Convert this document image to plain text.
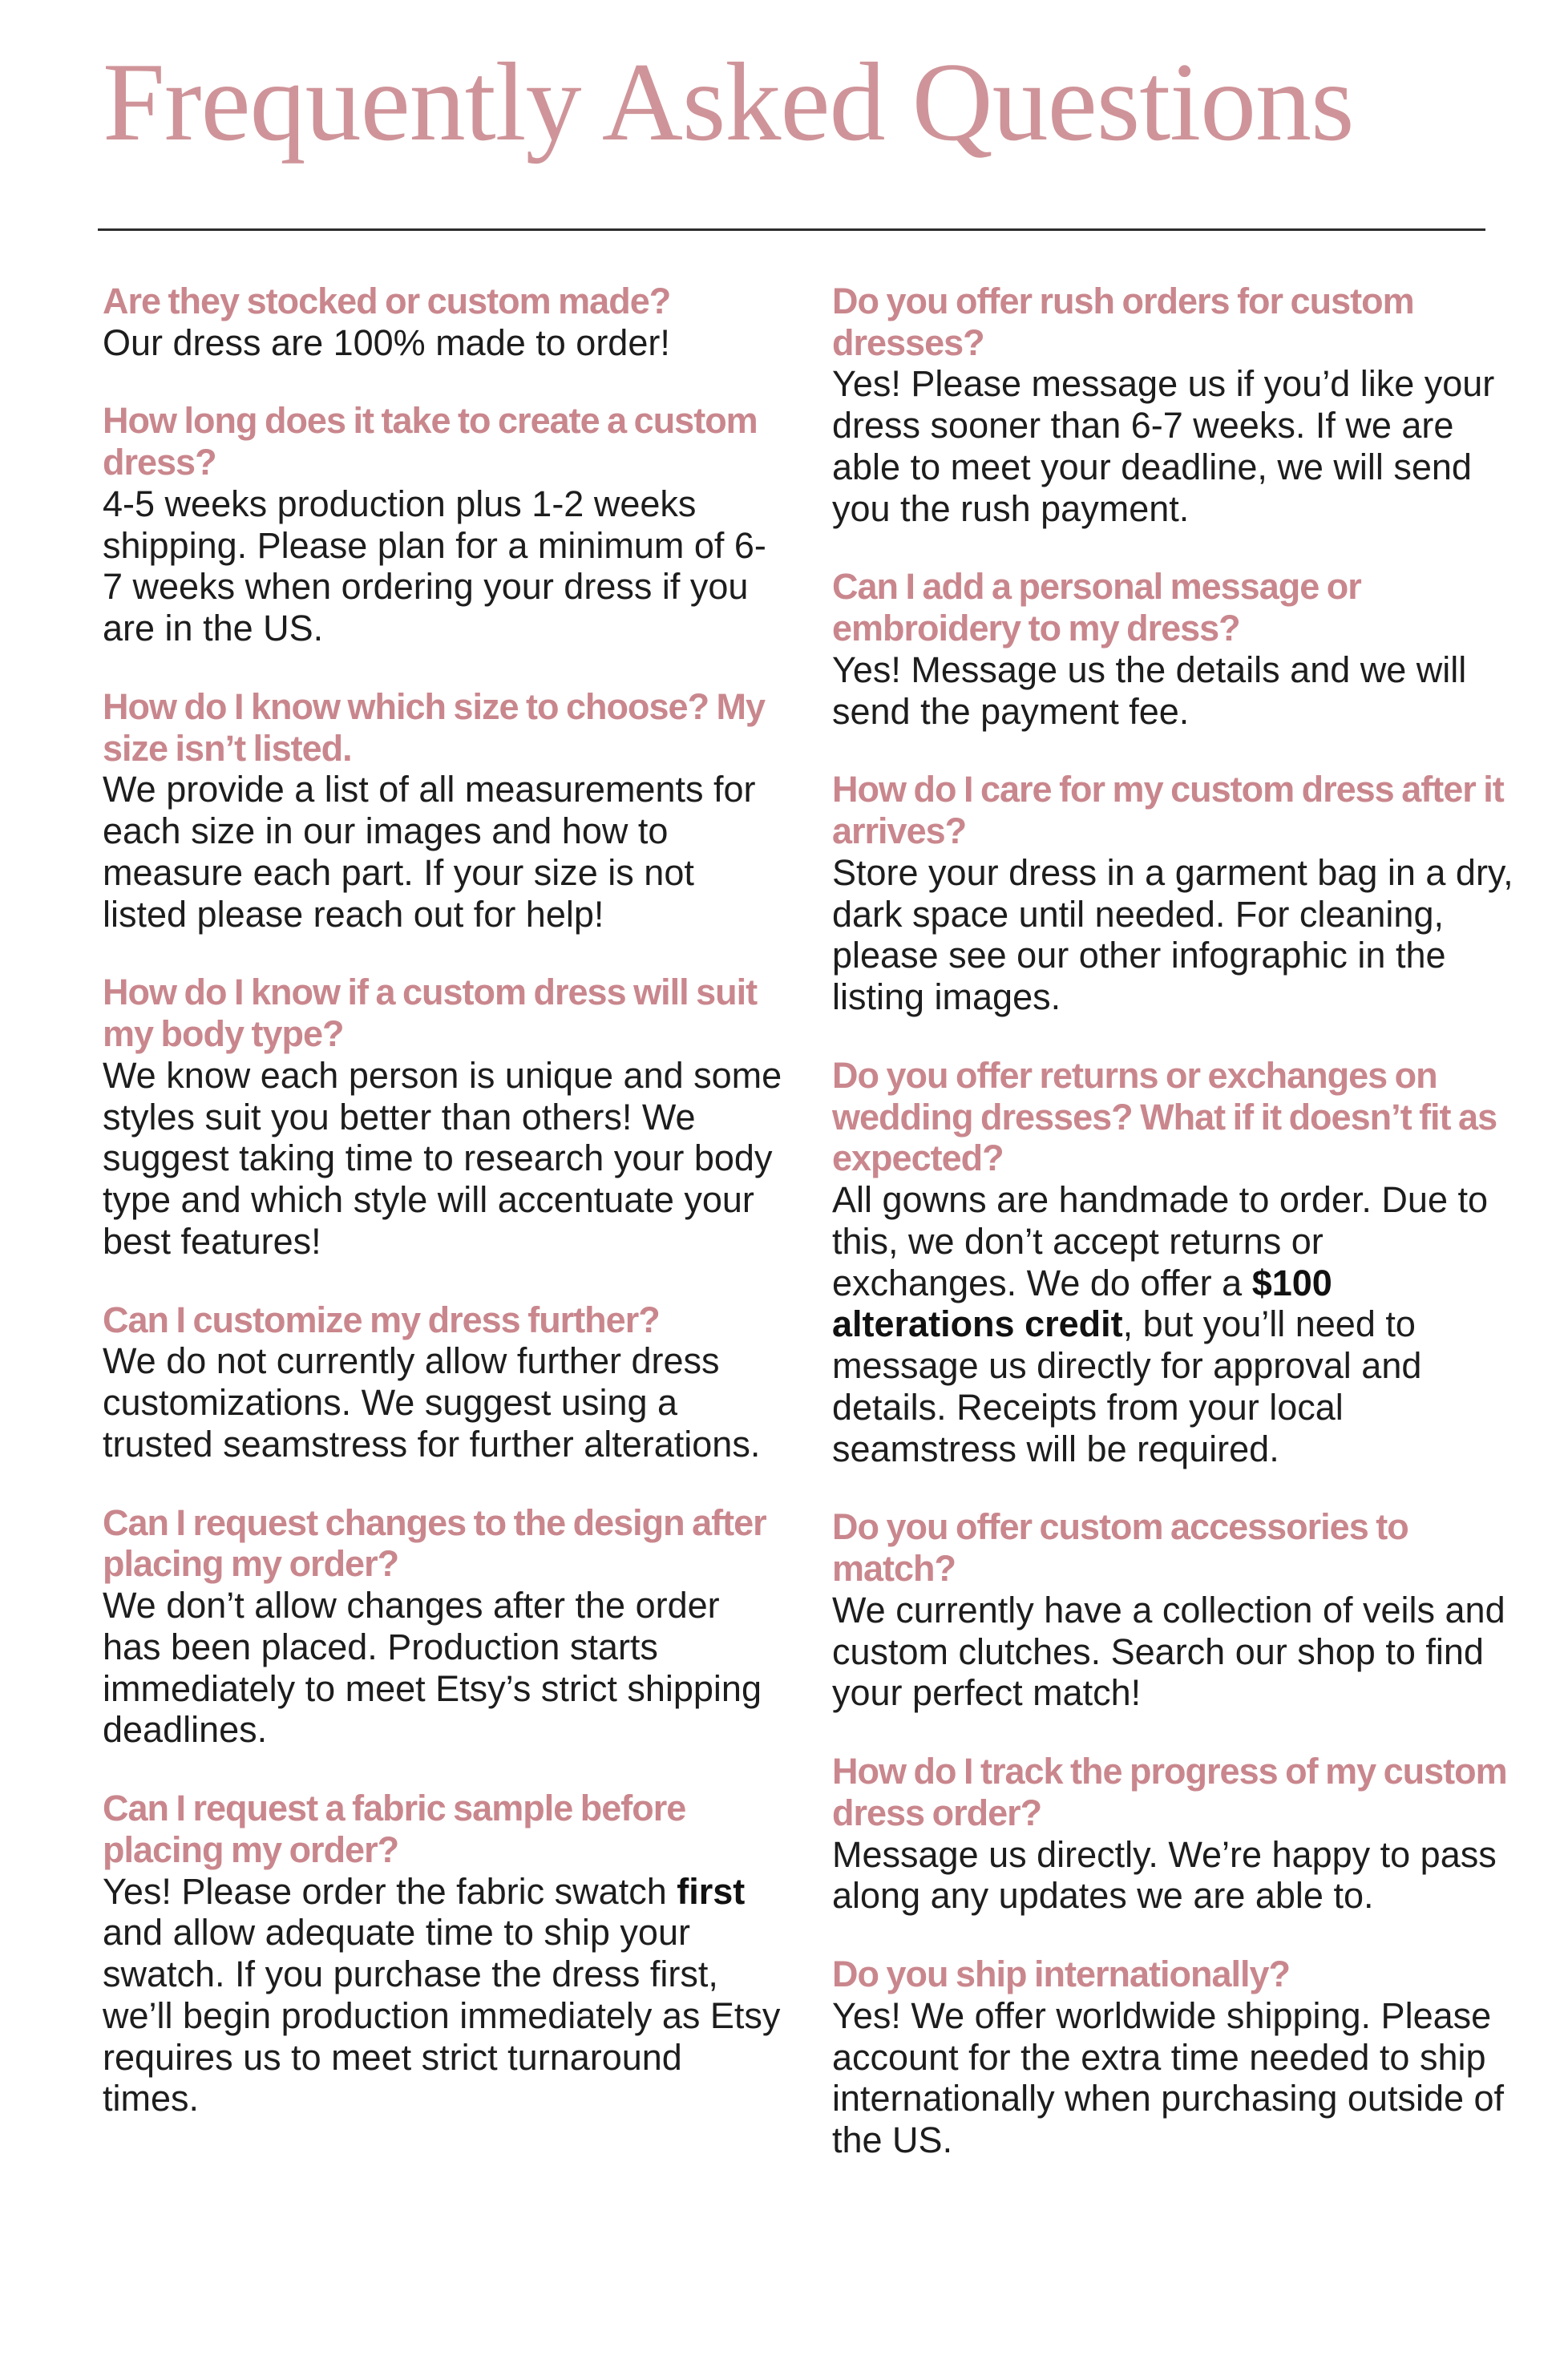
Frequently Asked Questions
Are they stocked or custom made?

Our dress are 100% made to order!

How long does it take to create a custom dress?

4-5 weeks production plus 1-2 weeks shipping. Please plan for a minimum of 6-7 weeks when ordering your dress if you are in the US.

How do I know which size to choose? My size isn’t listed.

We provide a list of all measurements for each size in our images and how to measure each part. If your size is not listed please reach out for help!

How do I know if a custom dress will suit my body type?

We know each person is unique and some styles suit you better than others! We suggest taking time to research your body type and which style will accentuate your best features!

Can I customize my dress further?

We do not currently allow further dress customizations. We suggest using a trusted seamstress for further alterations.

Can I request changes to the design after placing my order?

We don’t allow changes after the order has been placed. Production starts immediately to meet Etsy’s strict shipping deadlines.

Can I request a fabric sample before placing my order?

Yes! Please order the fabric swatch first and allow adequate time to ship your swatch. If you purchase the dress first, we’ll begin production immediately as Etsy requires us to meet strict turnaround times.

Do you offer rush orders for custom dresses?

Yes! Please message us if you’d like your dress sooner than 6-7 weeks. If we are able to meet your deadline, we will send you the rush payment.

Can I add a personal message or embroidery to my dress?

Yes! Message us the details and we will send the payment fee.

How do I care for my custom dress after it arrives?

Store your dress in a garment bag in a dry, dark space until needed. For cleaning, please see our other infographic in the listing images.

Do you offer returns or exchanges on wedding dresses? What if it doesn’t fit as expected?

All gowns are handmade to order. Due to this, we don’t accept returns or exchanges. We do offer a $100 alterations credit, but you’ll need to message us directly for approval and details. Receipts from your local seamstress will be required.

Do you offer custom accessories to match?

We currently have a collection of veils and custom clutches. Search our shop to find your perfect match!

How do I track the progress of my custom dress order?

Message us directly. We’re happy to pass along any updates we are able to.

Do you ship internationally?

Yes! We offer worldwide shipping. Please account for the extra time needed to ship internationally when purchasing outside of the US.
